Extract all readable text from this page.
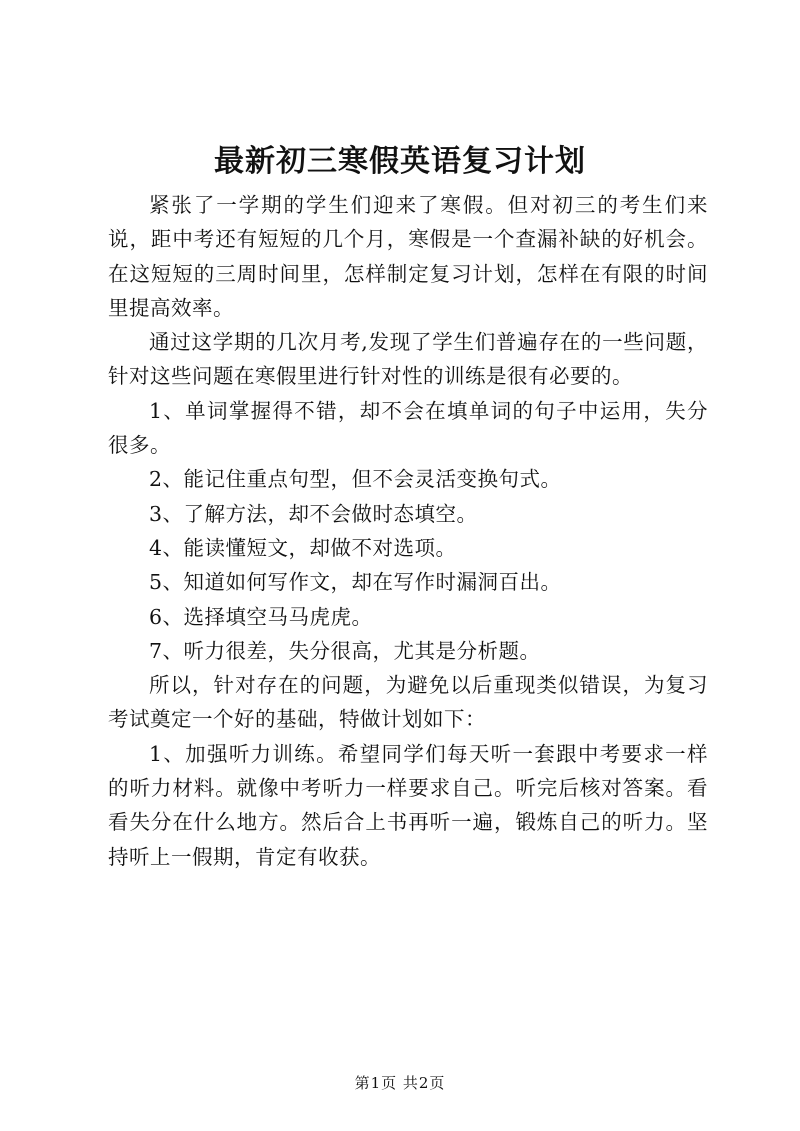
最新初三寒假英语复习计划

紧张了一学期的学生们迎来了寒假。但对初三的考生们来说，距中考还有短短的几个月，寒假是一个查漏补缺的好机会。在这短短的三周时间里，怎样制定复习计划，怎样在有限的时间里提高效率。

通过这学期的几次月考,发现了学生们普遍存在的一些问题，针对这些问题在寒假里进行针对性的训练是很有必要的。

1、单词掌握得不错，却不会在填单词的句子中运用，失分很多。

2、能记住重点句型，但不会灵活变换句式。

3、了解方法，却不会做时态填空。

4、能读懂短文，却做不对选项。

5、知道如何写作文，却在写作时漏洞百出。

6、选择填空马马虎虎。

7、听力很差，失分很高，尤其是分析题。

所以，针对存在的问题，为避免以后重现类似错误，为复习考试奠定一个好的基础，特做计划如下：

1、加强听力训练。希望同学们每天听一套跟中考要求一样的听力材料。就像中考听力一样要求自己。听完后核对答案。看看失分在什么地方。然后合上书再听一遍，锻炼自己的听力。坚持听上一假期，肯定有收获。

第1页 共2页
